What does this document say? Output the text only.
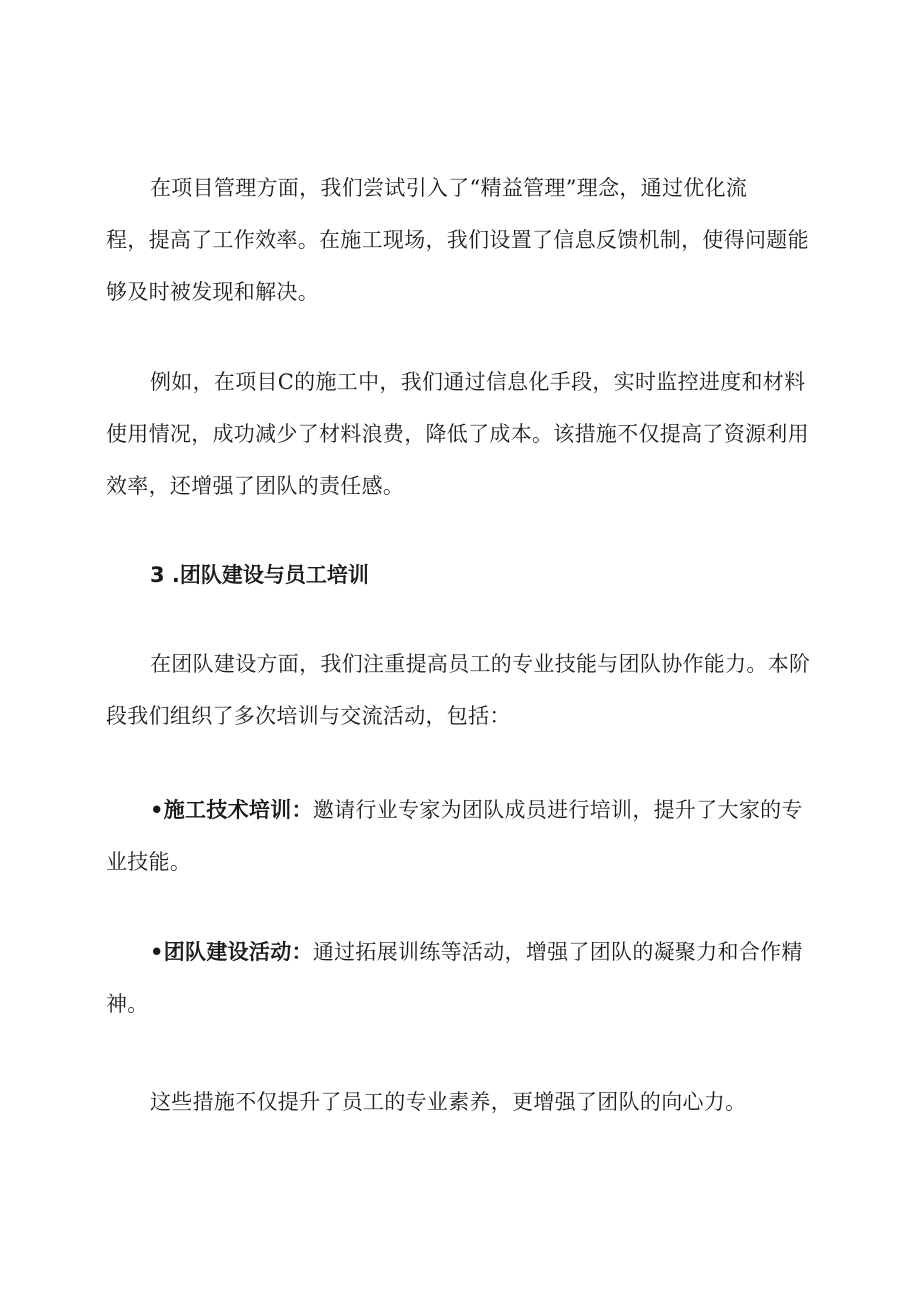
在项目管理方面，我们尝试引入了“精益管理”理念，通过优化流
程，提高了工作效率。在施工现场，我们设置了信息反馈机制，使得问题能
够及时被发现和解决。

例如，在项目C的施工中，我们通过信息化手段，实时监控进度和材料
使用情况，成功减少了材料浪费，降低了成本。该措施不仅提高了资源利用
效率，还增强了团队的责任感。

3 .团队建设与员工培训

在团队建设方面，我们注重提高员工的专业技能与团队协作能力。本阶
段我们组织了多次培训与交流活动，包括：

•施工技术培训：邀请行业专家为团队成员进行培训，提升了大家的专
业技能。

•团队建设活动：通过拓展训练等活动，增强了团队的凝聚力和合作精
神。

这些措施不仅提升了员工的专业素养，更增强了团队的向心力。
